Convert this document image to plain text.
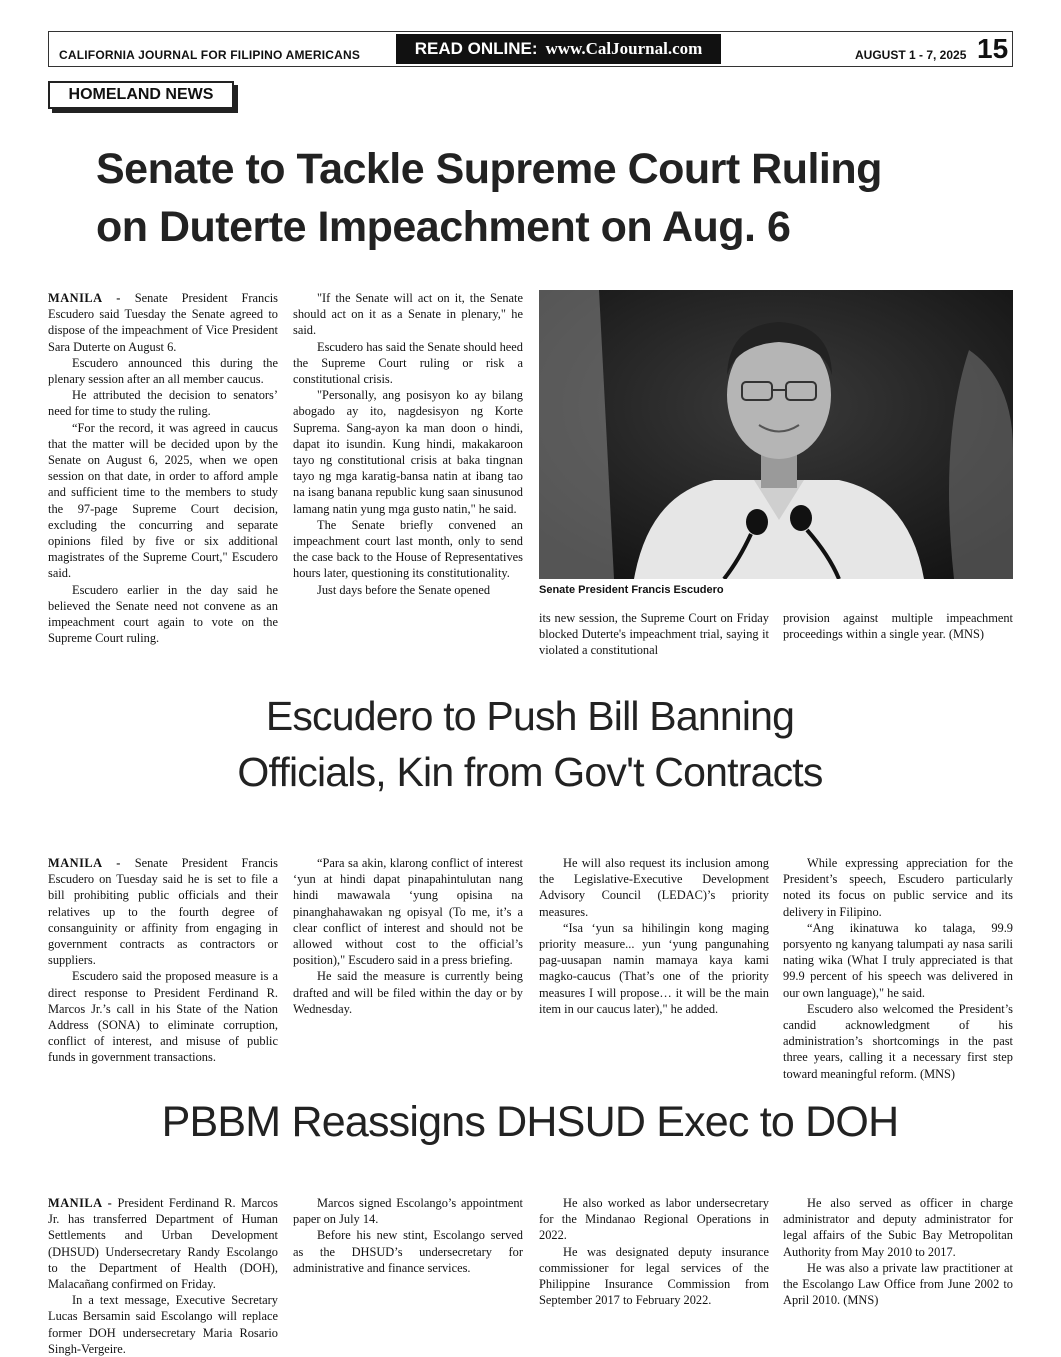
CALIFORNIA JOURNAL FOR FILIPINO AMERICANS	READ ONLINE: www.CalJournal.com	AUGUST 1 - 7, 2025 15
HOMELAND NEWS
Senate to Tackle Supreme Court Ruling
on Duterte Impeachment on Aug. 6

MANILA - Senate President Francis Escudero said Tuesday the Senate agreed to dispose of the impeachment of Vice President Sara Duterte on August 6.

Escudero announced this during the plenary session after an all member caucus.

He attributed the decision to senators’ need for time to study the ruling.

“For the record, it was agreed in caucus that the matter will be decided upon by the Senate on August 6, 2025, when we open session on that date, in order to afford ample and sufficient time to the members to study the 97-page Supreme Court decision, excluding the concurring and separate opinions filed by five or six additional magistrates of the Supreme Court," Escudero said.

Escudero earlier in the day said he believed the Senate need not convene as an impeachment court again to vote on the Supreme Court ruling.

"If the Senate will act on it, the Senate should act on it as a Senate in plenary," he said.

Escudero has said the Senate should heed the Supreme Court ruling or risk a constitutional crisis.

"Personally, ang posisyon ko ay bilang abogado ay ito, nagdesisyon ng Korte Suprema. Sang-ayon ka man doon o hindi, dapat ito isundin. Kung hindi, makakaroon tayo ng constitutional crisis at baka tingnan tayo ng mga karatig-bansa natin at ibang tao na isang banana republic kung saan sinusunod lamang natin yung mga gusto natin," he said.

The Senate briefly convened an impeachment court last month, only to send the case back to the House of Representatives hours later, questioning its constitutionality.

Just days before the Senate opened	Senate President Francis Escudero

its new session, the Supreme Court on Friday blocked Duterte's impeachment trial, saying it violated a constitutional

provision against multiple impeachment proceedings within a single year. (MNS)

Escudero to Push Bill Banning
Officials, Kin from Gov't Contracts

MANILA - Senate President Francis Escudero on Tuesday said he is set to file a bill prohibiting public officials and their relatives up to the fourth degree of consanguinity or affinity from engaging in government contracts as contractors or suppliers.

Escudero said the proposed measure is a direct response to President Ferdinand R. Marcos Jr.’s call in his State of the Nation Address (SONA) to eliminate corruption, conflict of interest, and misuse of public funds in government transactions.

“Para sa akin, klarong conflict of interest ‘yun at hindi dapat pinapahintulutan nang hindi mawawala ‘yung opisina na pinanghahawakan ng opisyal (To me, it’s a clear conflict of interest and should not be allowed without cost to the official’s position)," Escudero said in a press briefing.

He said the measure is currently being drafted and will be filed within the day or by Wednesday.

He will also request its inclusion among the Legislative-Executive Development Advisory Council (LEDAC)’s priority measures.

“Isa ‘yun sa hihilingin kong maging priority measure... yun ‘yung pangunahing pag-uusapan namin mamaya kaya kami magko-caucus (That’s one of the priority measures I will propose… it will be the main item in our caucus later)," he added.

While expressing appreciation for the President’s speech, Escudero particularly noted its focus on public service and its delivery in Filipino.

“Ang ikinatuwa ko talaga, 99.9 porsyento ng kanyang talumpati ay nasa sarili nating wika (What I truly appreciated is that 99.9 percent of his speech was delivered in our own language)," he said.

Escudero also welcomed the President’s candid acknowledgment of his administration’s shortcomings in the past three years, calling it a necessary first step toward meaningful reform. (MNS)

PBBM Reassigns DHSUD Exec to DOH

MANILA - President Ferdinand R. Marcos Jr. has transferred Department of Human Settlements and Urban Development (DHSUD) Undersecretary Randy Escolango to the Department of Health (DOH), Malacañang confirmed on Friday.

In a text message, Executive Secretary Lucas Bersamin said Escolango will replace former DOH undersecretary Maria Rosario Singh-Vergeire.

Marcos signed Escolango’s appointment paper on July 14.

Before his new stint, Escolango served as the DHSUD’s undersecretary for administrative and finance services.

He also worked as labor undersecretary for the Mindanao Regional Operations in 2022.

He was designated deputy insurance commissioner for legal services of the Philippine Insurance Commission from September 2017 to February 2022.

He also served as officer in charge administrator and deputy administrator for legal affairs of the Subic Bay Metropolitan Authority from May 2010 to 2017.

He was also a private law practitioner at the Escolango Law Office from June 2002 to April 2010. (MNS)
